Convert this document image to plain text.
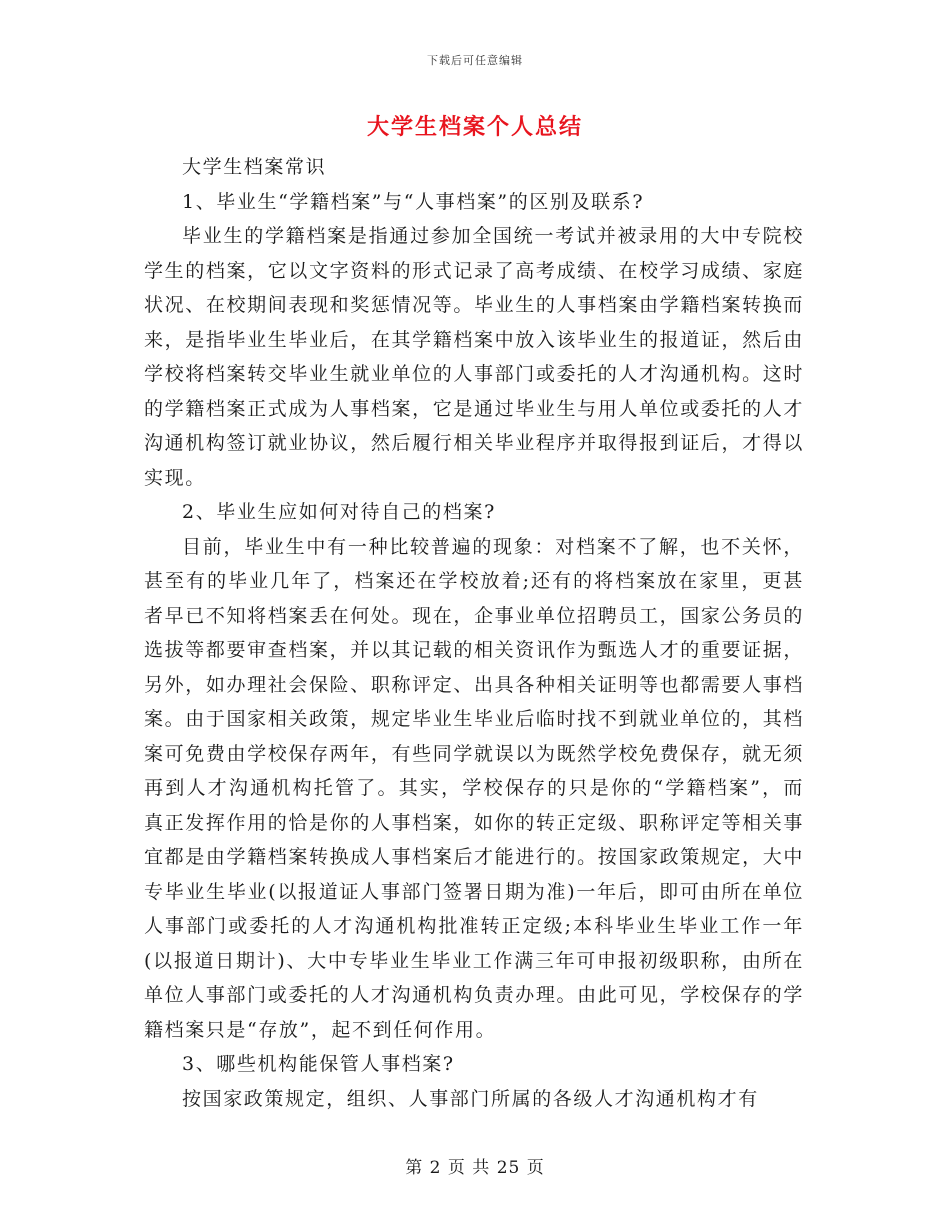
下载后可任意编辑
大学生档案个人总结

大学生档案常识

1、毕业生“学籍档案”与“人事档案”的区别及联系?

毕业生的学籍档案是指通过参加全国统一考试并被录用的大中专院校学生的档案，它以文字资料的形式记录了高考成绩、在校学习成绩、家庭状况、在校期间表现和奖惩情况等。毕业生的人事档案由学籍档案转换而来，是指毕业生毕业后，在其学籍档案中放入该毕业生的报道证，然后由学校将档案转交毕业生就业单位的人事部门或委托的人才沟通机构。这时的学籍档案正式成为人事档案，它是通过毕业生与用人单位或委托的人才沟通机构签订就业协议，然后履行相关毕业程序并取得报到证后，才得以实现。

2、毕业生应如何对待自己的档案?

目前，毕业生中有一种比较普遍的现象：对档案不了解，也不关怀，甚至有的毕业几年了，档案还在学校放着;还有的将档案放在家里，更甚者早已不知将档案丢在何处。现在，企事业单位招聘员工，国家公务员的选拔等都要审查档案，并以其记载的相关资讯作为甄选人才的重要证据，另外，如办理社会保险、职称评定、出具各种相关证明等也都需要人事档案。由于国家相关政策，规定毕业生毕业后临时找不到就业单位的，其档案可免费由学校保存两年，有些同学就误以为既然学校免费保存，就无须再到人才沟通机构托管了。其实，学校保存的只是你的“学籍档案”，而真正发挥作用的恰是你的人事档案，如你的转正定级、职称评定等相关事宜都是由学籍档案转换成人事档案后才能进行的。按国家政策规定，大中专毕业生毕业(以报道证人事部门签署日期为准)一年后，即可由所在单位人事部门或委托的人才沟通机构批准转正定级;本科毕业生毕业工作一年(以报道日期计)、大中专毕业生毕业工作满三年可申报初级职称，由所在单位人事部门或委托的人才沟通机构负责办理。由此可见，学校保存的学籍档案只是“存放”，起不到任何作用。

3、哪些机构能保管人事档案?

按国家政策规定，组织、人事部门所属的各级人才沟通机构才有

第 2 页 共 25 页
